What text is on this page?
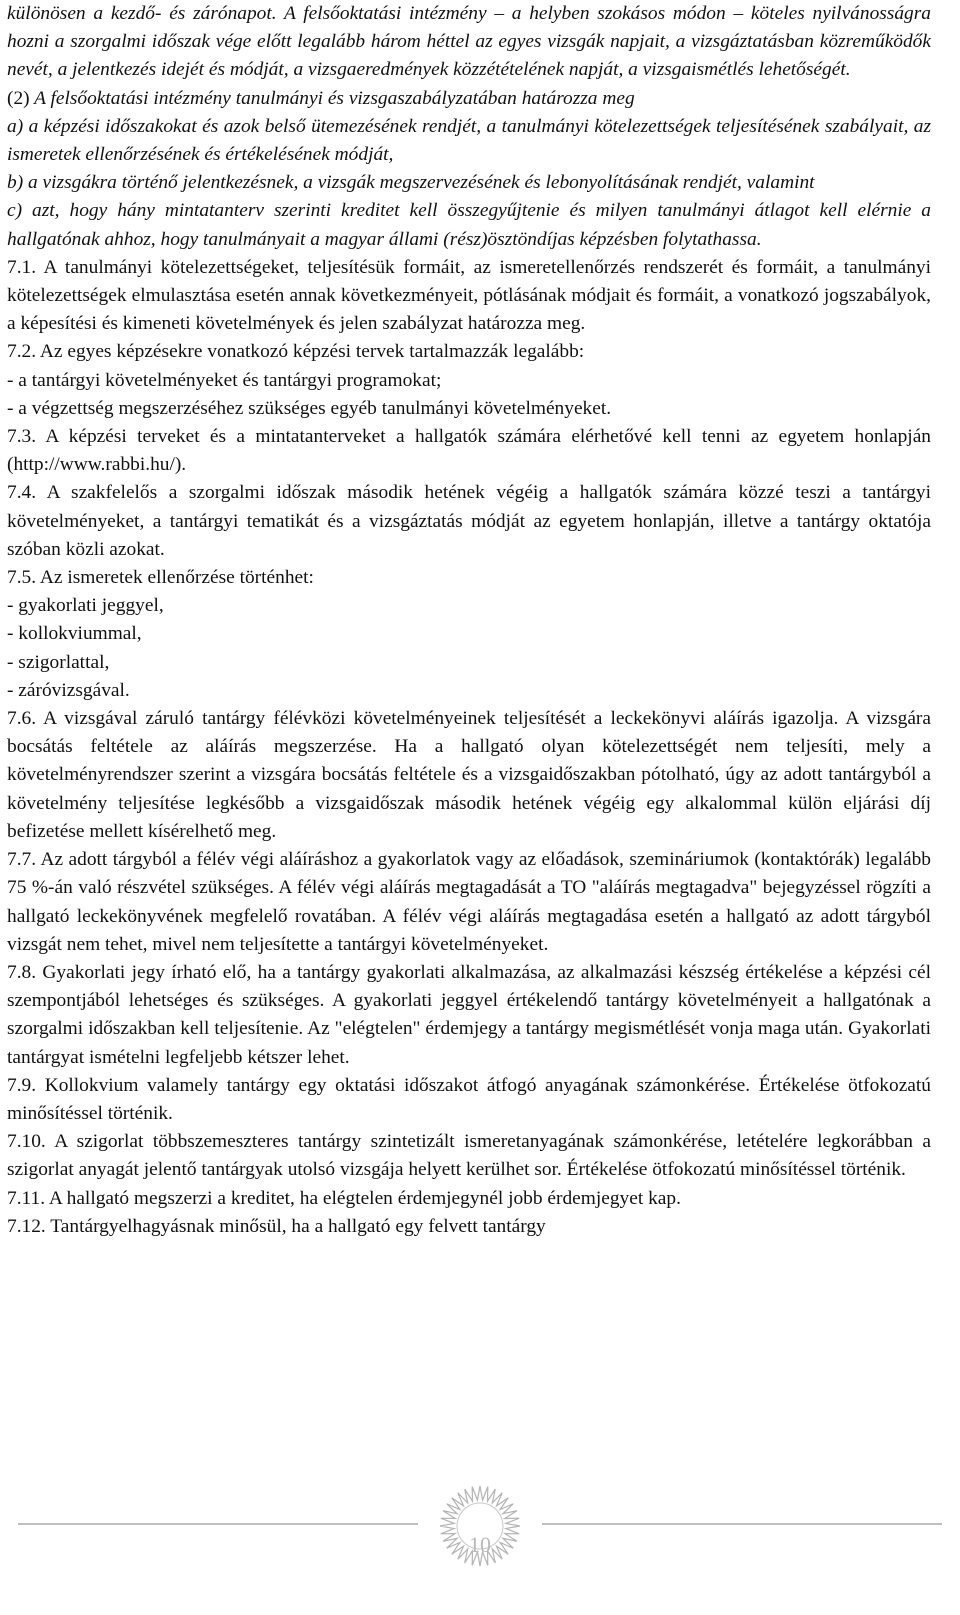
különösen a kezdő- és zárónapot. A felsőoktatási intézmény – a helyben szokásos módon – köteles nyilvánosságra hozni a szorgalmi időszak vége előtt legalább három héttel az egyes vizsgák napjait, a vizsgáztatásban közreműködők nevét, a jelentkezés idejét és módját, a vizsgaeredmények közzétételének napját, a vizsgaismétlés lehetőségét.

(2) A felsőoktatási intézmény tanulmányi és vizsgaszabályzatában határozza meg

a) a képzési időszakokat és azok belső ütemezésének rendjét, a tanulmányi kötelezettségek teljesítésének szabályait, az ismeretek ellenőrzésének és értékelésének módját,

b) a vizsgákra történő jelentkezésnek, a vizsgák megszervezésének és lebonyolításának rendjét, valamint

c) azt, hogy hány mintatanterv szerinti kreditet kell összegyűjtenie és milyen tanulmányi átlagot kell elérnie a hallgatónak ahhoz, hogy tanulmányait a magyar állami (rész)ösztöndíjas képzésben folytathassa.

7.1. A tanulmányi kötelezettségeket, teljesítésük formáit, az ismeretellenőrzés rendszerét és formáit, a tanulmányi kötelezettségek elmulasztása esetén annak következményeit, pótlásának módjait és formáit, a vonatkozó jogszabályok, a képesítési és kimeneti követelmények és jelen szabályzat határozza meg.

7.2. Az egyes képzésekre vonatkozó képzési tervek tartalmazzák legalább:

- a tantárgyi követelményeket és tantárgyi programokat;

- a végzettség megszerzéséhez szükséges egyéb tanulmányi követelményeket.

7.3. A képzési terveket és a mintatanterveket a hallgatók számára elérhetővé kell tenni az egyetem honlapján (http://www.rabbi.hu/).

7.4. A szakfelelős a szorgalmi időszak második hetének végéig a hallgatók számára közzé teszi a tantárgyi követelményeket, a tantárgyi tematikát és a vizsgáztatás módját az egyetem honlapján, illetve a tantárgy oktatója szóban közli azokat.

7.5. Az ismeretek ellenőrzése történhet:

- gyakorlati jeggyel,

- kollokviummal,

- szigorlattal,

- záróvizsgával.

7.6. A vizsgával záruló tantárgy félévközi követelményeinek teljesítését a leckekönyvi aláírás igazolja. A vizsgára bocsátás feltétele az aláírás megszerzése. Ha a hallgató olyan kötelezettségét nem teljesíti, mely a követelményrendszer szerint a vizsgára bocsátás feltétele és a vizsgaidőszakban pótolható, úgy az adott tantárgyból a követelmény teljesítése legkésőbb a vizsgaidőszak második hetének végéig egy alkalommal külön eljárási díj befizetése mellett kísérelhető meg.

7.7. Az adott tárgyból a félév végi aláíráshoz a gyakorlatok vagy az előadások, szemináriumok (kontaktórák) legalább 75 %-án való részvétel szükséges. A félév végi aláírás megtagadását a TO "aláírás megtagadva" bejegyzéssel rögzíti a hallgató leckekönyvének megfelelő rovatában. A félév végi aláírás megtagadása esetén a hallgató az adott tárgyból vizsgát nem tehet, mivel nem teljesítette a tantárgyi követelményeket.

7.8. Gyakorlati jegy írható elő, ha a tantárgy gyakorlati alkalmazása, az alkalmazási készség értékelése a képzési cél szempontjából lehetséges és szükséges. A gyakorlati jeggyel értékelendő tantárgy követelményeit a hallgatónak a szorgalmi időszakban kell teljesítenie. Az "elégtelen" érdemjegy a tantárgy megismétlését vonja maga után. Gyakorlati tantárgyat ismételni legfeljebb kétszer lehet.

7.9. Kollokvium valamely tantárgy egy oktatási időszakot átfogó anyagának számonkérése. Értékelése ötfokozatú minősítéssel történik.

7.10. A szigorlat többszemeszteres tantárgy szintetizált ismeretanyagának számonkérése, letételére legkorábban a szigorlat anyagát jelentő tantárgyak utolsó vizsgája helyett kerülhet sor. Értékelése ötfokozatú minősítéssel történik.

7.11. A hallgató megszerzi a kreditet, ha elégtelen érdemjegynél jobb érdemjegyet kap.

7.12. Tantárgyelhagyásnak minősül, ha a hallgató egy felvett tantárgy

10
